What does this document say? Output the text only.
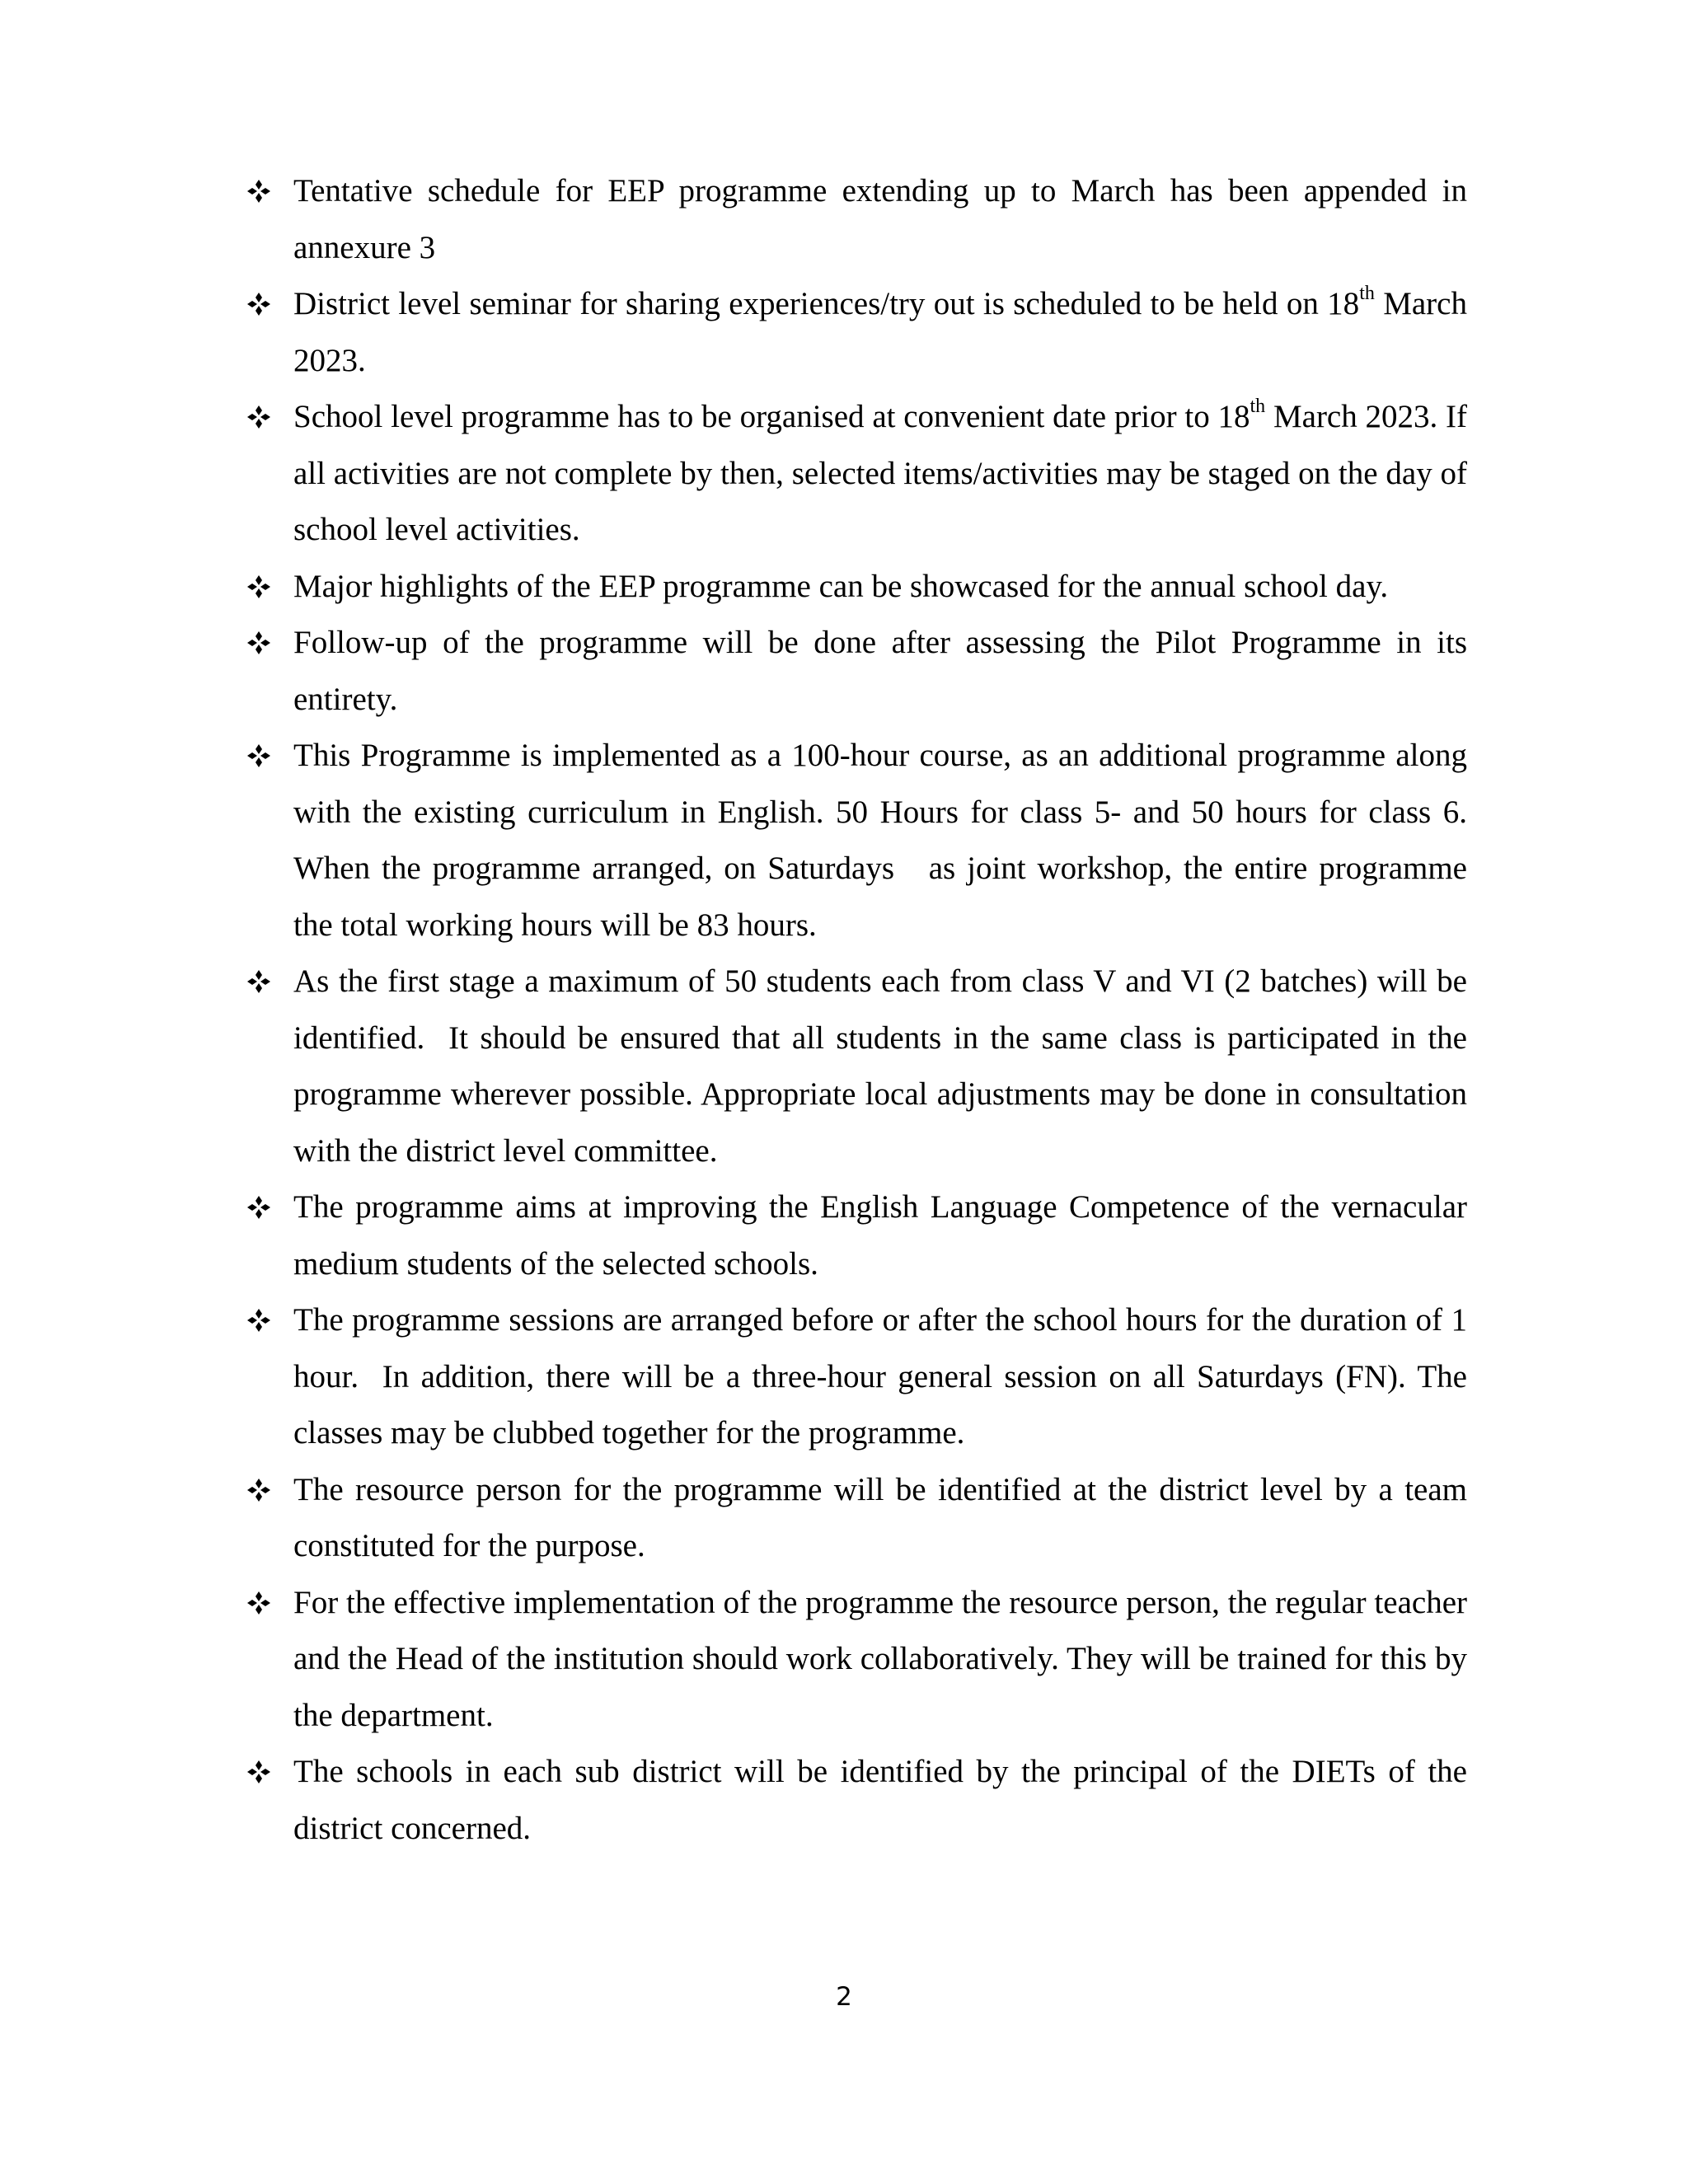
Tentative schedule for EEP programme extending up to March has been appended in annexure 3
District level seminar for sharing experiences/try out is scheduled to be held on 18th March 2023.
School level programme has to be organised at convenient date prior to 18th March 2023. If all activities are not complete by then, selected items/activities may be staged on the day of school level activities.
Major highlights of the EEP programme can be showcased for the annual school day.
Follow-up of the programme will be done after assessing the Pilot Programme in its entirety.
This Programme is implemented as a 100-hour course, as an additional programme along with the existing curriculum in English. 50 Hours for class 5- and 50 hours for class 6. When the programme arranged, on Saturdays   as joint workshop, the entire programme the total working hours will be 83 hours.
As the first stage a maximum of 50 students each from class V and VI (2 batches) will be identified.  It should be ensured that all students in the same class is participated in the programme wherever possible. Appropriate local adjustments may be done in consultation with the district level committee.
The programme aims at improving the English Language Competence of the vernacular medium students of the selected schools.
The programme sessions are arranged before or after the school hours for the duration of 1 hour.  In addition, there will be a three-hour general session on all Saturdays (FN). The classes may be clubbed together for the programme.
The resource person for the programme will be identified at the district level by a team constituted for the purpose.
For the effective implementation of the programme the resource person, the regular teacher and the Head of the institution should work collaboratively. They will be trained for this by the department.
The schools in each sub district will be identified by the principal of the DIETs of the district concerned.
2
